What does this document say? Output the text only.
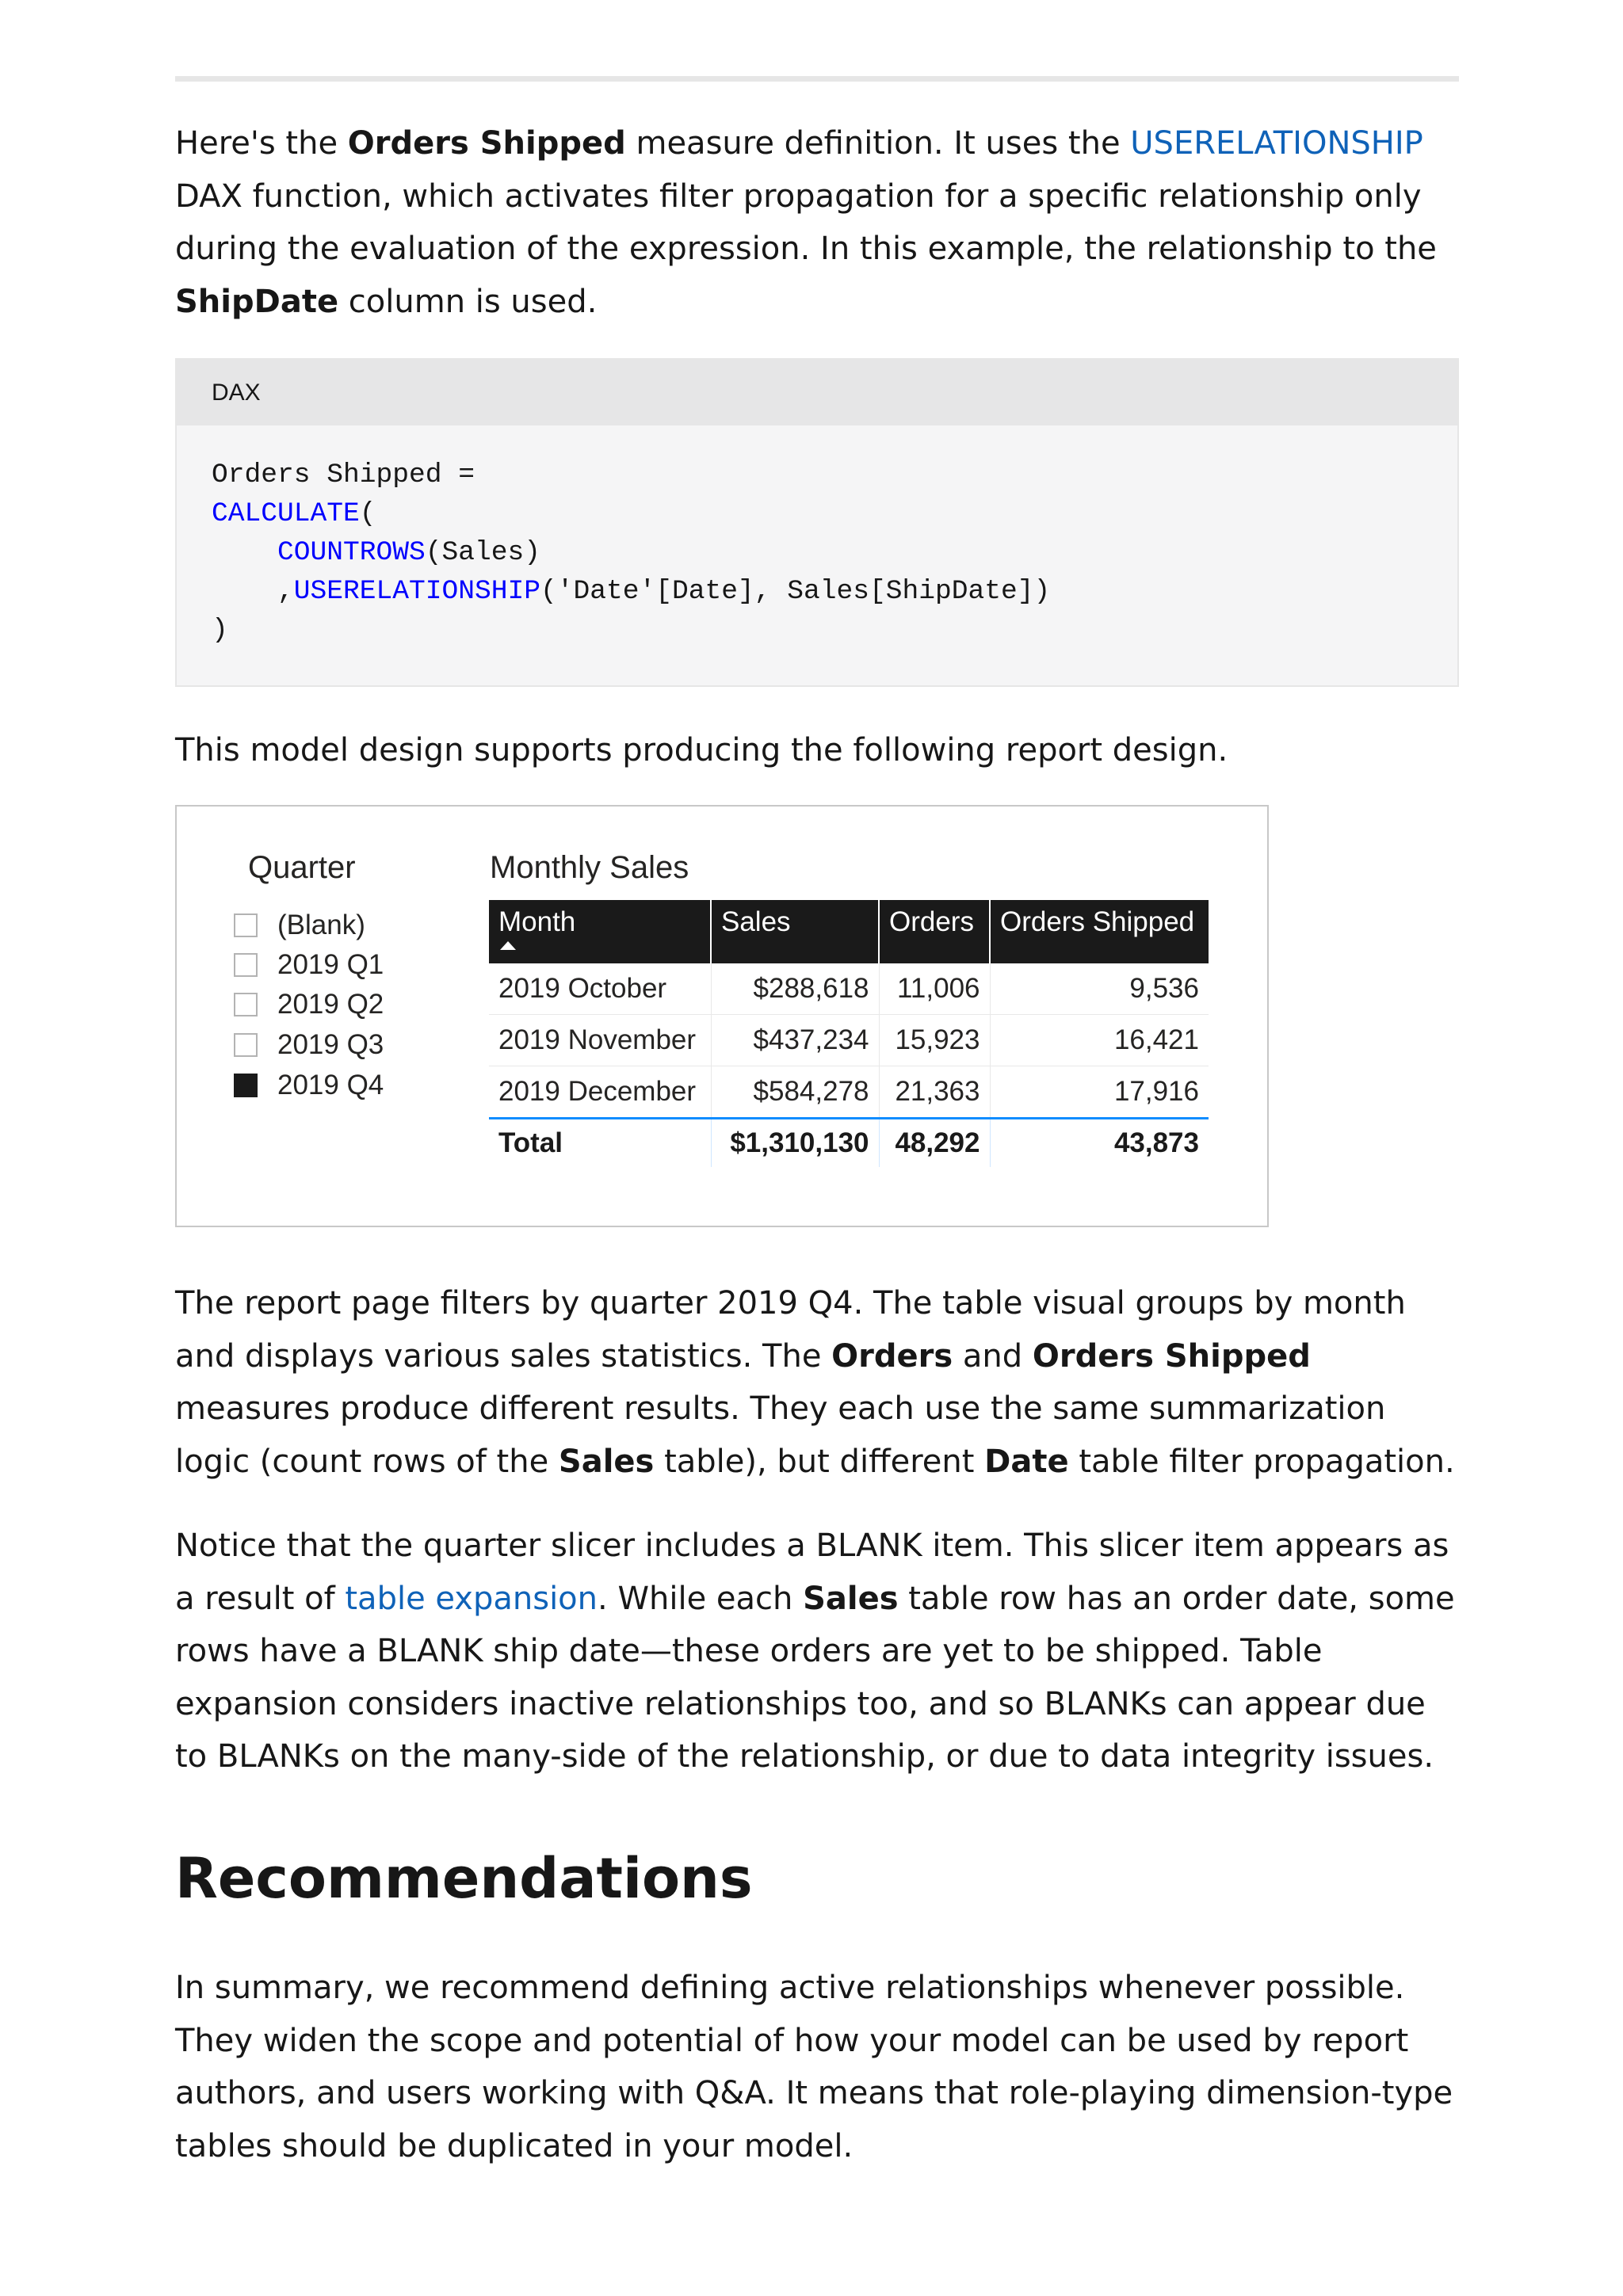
Here's the Orders Shipped measure definition. It uses the USERELATIONSHIP DAX function, which activates filter propagation for a specific relationship only during the evaluation of the expression. In this example, the relationship to the ShipDate column is used.

DAX
Orders Shipped =
CALCULATE(
COUNTROWS(Sales)
,USERELATIONSHIP('Date'[Date], Sales[ShipDate])
)

This model design supports producing the following report design.

Quarter
(Blank)
2019 Q1
2019 Q2
2019 Q3
2019 Q4
Monthly Sales
Month	Sales	Orders	Orders Shipped
2019 October	$288,618	11,006	9,536
2019 November	$437,234	15,923	16,421
2019 December	$584,278	21,363	17,916
Total	$1,310,130	48,292	43,873

The report page filters by quarter 2019 Q4. The table visual groups by month and displays various sales statistics. The Orders and Orders Shipped measures produce different results. They each use the same summarization logic (count rows of the Sales table), but different Date table filter propagation.

Notice that the quarter slicer includes a BLANK item. This slicer item appears as a result of table expansion. While each Sales table row has an order date, some rows have a BLANK ship date—these orders are yet to be shipped. Table expansion considers inactive relationships too, and so BLANKs can appear due to BLANKs on the many-side of the relationship, or due to data integrity issues.

Recommendations

In summary, we recommend defining active relationships whenever possible. They widen the scope and potential of how your model can be used by report authors, and users working with Q&A. It means that role-playing dimension-type tables should be duplicated in your model.
